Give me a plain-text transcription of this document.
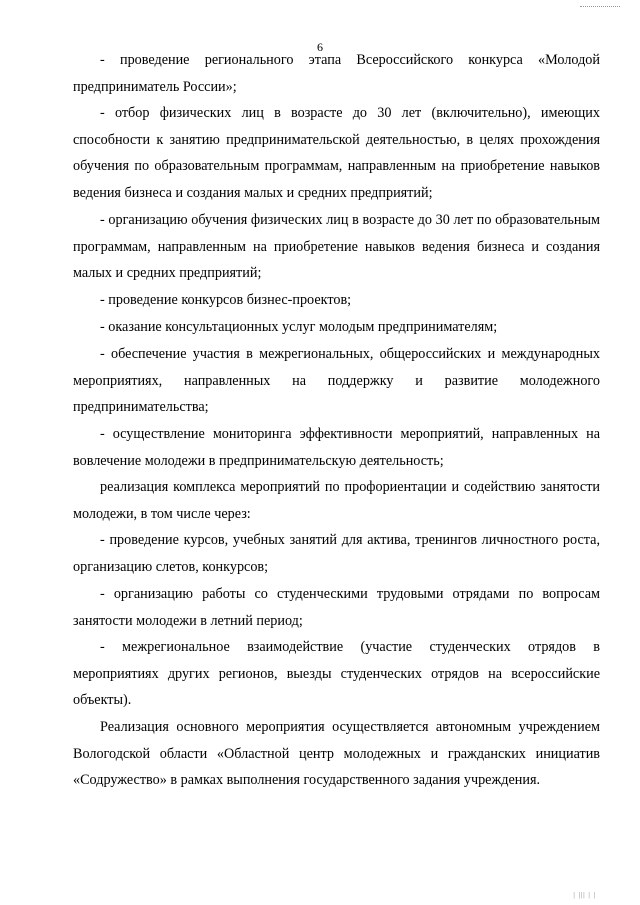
6

- проведение регионального этапа Всероссийского конкурса «Молодой предприниматель России»;

- отбор физических лиц в возрасте до 30 лет (включительно), имеющих способности к занятию предпринимательской деятельностью, в целях прохождения обучения по образовательным программам, направленным на приобретение навыков ведения бизнеса и создания малых и средних предприятий;

- организацию обучения физических лиц в возрасте до 30 лет по образовательным программам, направленным на приобретение навыков ведения бизнеса и создания малых и средних предприятий;

- проведение конкурсов бизнес-проектов;

- оказание консультационных услуг молодым предпринимателям;

- обеспечение участия в межрегиональных, общероссийских и международных мероприятиях, направленных на поддержку и развитие молодежного предпринимательства;

- осуществление мониторинга эффективности мероприятий, направленных на вовлечение молодежи в предпринимательскую деятельность;

реализация комплекса мероприятий по профориентации и содействию занятости молодежи, в том числе через:

- проведение курсов, учебных занятий для актива, тренингов личностного роста, организацию слетов, конкурсов;

- организацию работы со студенческими трудовыми отрядами по вопросам занятости молодежи в летний период;

- межрегиональное взаимодействие (участие студенческих отрядов в мероприятиях других регионов, выезды студенческих отрядов на всероссийские объекты).

Реализация основного мероприятия осуществляется автономным учреждением Вологодской области «Областной центр молодежных и гражданских инициатив «Содружество» в рамках выполнения государственного задания учреждения.

| ||| | |
